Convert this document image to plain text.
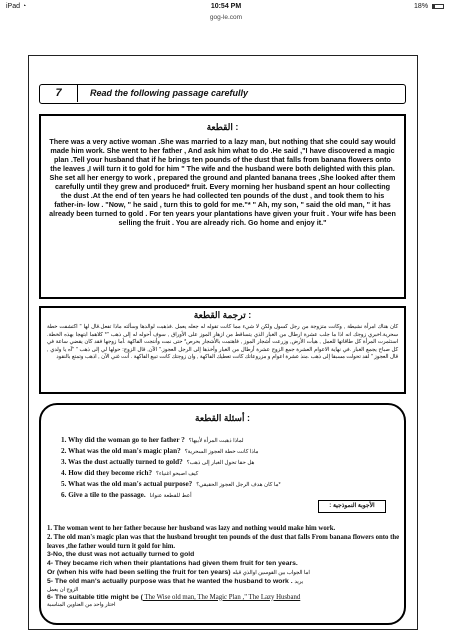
iPad ◔	10:54 PM	18%
gog-le.com
7	Read the following passage carefully
: القطعة
There was a very active woman .She was married to a lazy man, but nothing that she could say would made him work. She went to her father , And ask him what to do .He said ,"I have discovered a magic plan .Tell your husband that if he brings ten pounds of the dust that falls from banana flowers onto the leaves ,I will turn it to gold for him " The wife and the husband were both delighted with this plan. She set all her energy to work , prepared the ground and planted banana trees ,She looked after them carefully until they grew and produced* fruit. Every morning her husband spent an hour collecting the dust .At the end of ten years he had collected ten pounds of the dust , and took them to his father-in- low . "Now, " he said , turn this to gold for me."* " Ah, my son, " said the old man, " it has already been turned to gold . For ten years your plantations have given your fruit . Your wife has been selling the fruit . You are already rich. Go home and enjoy it."
: ترجمة القطعة
كان هناك امرأة نشيطة , وكانت متزوجة من رجل كسول ولكن لا شيء مما كانت تقوله له جعله يعمل .فذهبت لوالدها وسألته ماذا تفعل.قال لها " اكتشفت خطة سحرية.اخبري زوجك انه اذا ما جلب عشرة ارطال من الغبار الذي يتساقط من ازهار الموز على الأوراق , سوف أحوله له إلى ذهب "* كلاهما ابتهجا بهذه الخطة. استثمرت المرأة كل طاقاتها للعمل , هيأت الأرض, وزرعت أشجار الموز , فاهتمت بالأشجار بحرص* حتى نمت وأنتجت الفاكهة .أما زوجها فقد كان يقضي ساعة في كل صباح يجمع الغبار .في نهاية الاعوام العشرة جمع الزوج عشرة أرطال من الغبار وأخذها إلى الرجل العجوز." الآن, قال الزوج: حولها لي إلى ذهب " "آه يا ولدي , قال العجوز " لقد تحولت مسبقا إلى ذهب .منذ عشرة اعوام و مزروعاتك كانت تعطيك الفاكهة , وان زوجتك كانت تبيع الفاكهة . أنت غني الآن , اذهب وتمتع بالنقود
: أسئلة القطعة
1. Why did the woman go to her father ? لماذا ذهبت المرأة لأبيها؟
2. What was the old man's magic plan? ماذا كانت خطة العجوز السحرية؟
3. Was the dust actually turned to gold? هل حقا تحول الغبار إلى ذهب؟
4. How did they become rich? كيف اصبحو اغنياء؟
5. What was the old man's actual purpose? ما كان هدف الرجل العجوز الحقيقي؟*
6. Give a tile to the passage. أعط للقطعة عنوانا
الأجوبة النموذجية :
1. The woman went to her father because her husband was lazy and nothing would make him work.
2. The old man's magic plan was that the husband brought ten pounds of the dust that falls From banana flowers onto the leaves ,the father would turn it gold for him.
3-No, the dust was not actually turned to gold
4- They became rich when their plantations had given them fruit for ten years.
Or (when his wife had been selling the fruit for ten years) اما الجواب بين القوسين اوالذي قبله
5- The old man's actually purpose was that he wanted the husband to work . يريد
الزوج ان يعمل
6- The suitable title might be ( The Wise old man, The Magic Plan ," The Lazy Husband
اختار واحد من العناوين المناسبة
